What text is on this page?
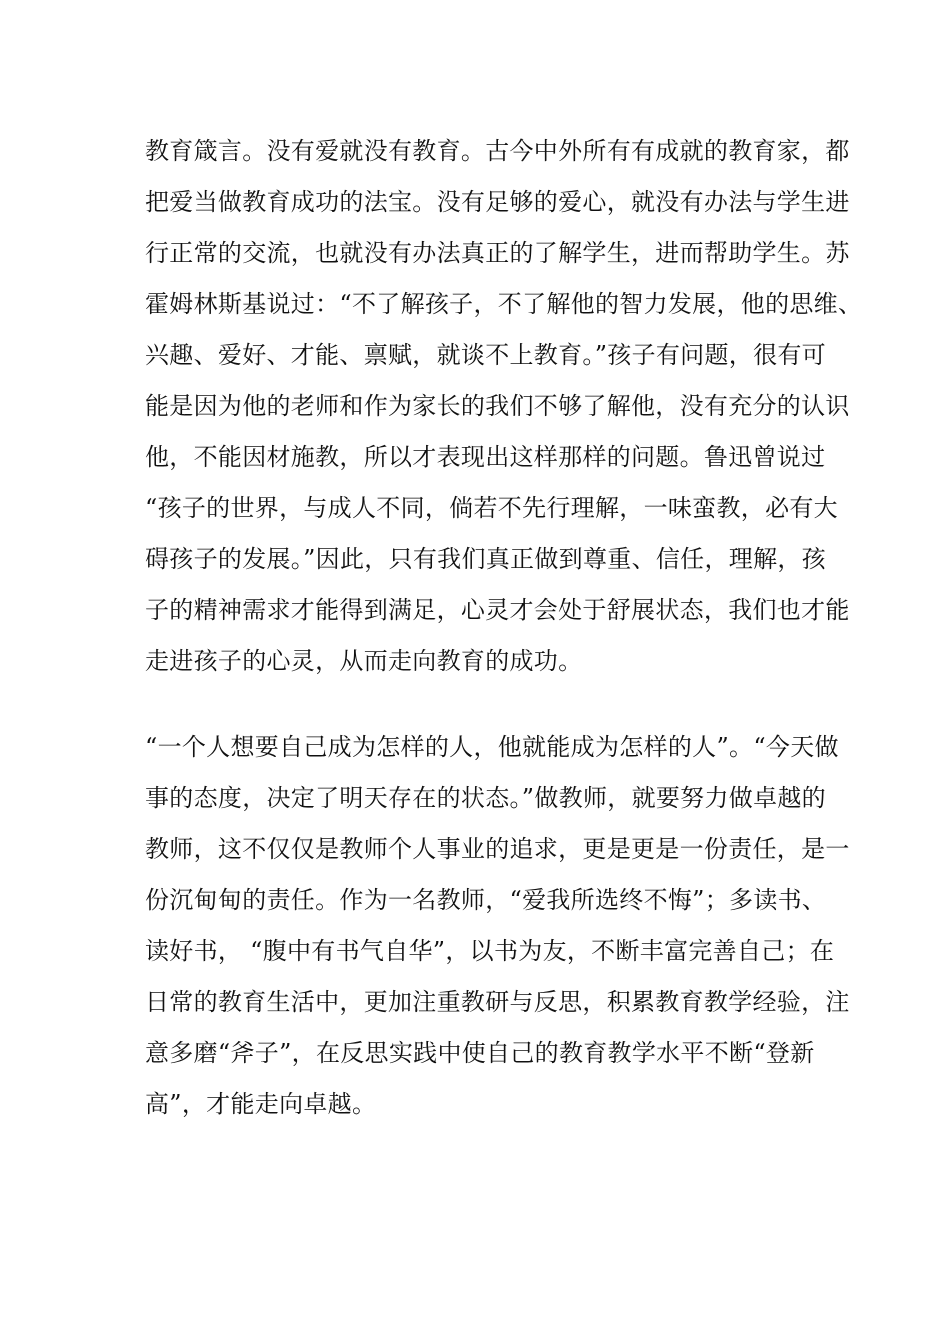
教育箴言。没有爱就没有教育。古今中外所有有成就的教育家，都
把爱当做教育成功的法宝。没有足够的爱心，就没有办法与学生进
行正常的交流，也就没有办法真正的了解学生，进而帮助学生。苏
霍姆林斯基说过：“不了解孩子，不了解他的智力发展，他的思维、
兴趣、爱好、才能、禀赋，就谈不上教育。”孩子有问题，很有可
能是因为他的老师和作为家长的我们不够了解他，没有充分的认识
他，不能因材施教，所以才表现出这样那样的问题。鲁迅曾说过
“孩子的世界，与成人不同，倘若不先行理解，一味蛮教，必有大
碍孩子的发展。”因此，只有我们真正做到尊重、信任，理解，孩
子的精神需求才能得到满足，心灵才会处于舒展状态，我们也才能
走进孩子的心灵，从而走向教育的成功。
“一个人想要自己成为怎样的人，他就能成为怎样的人”。“今天做
事的态度，决定了明天存在的状态。”做教师，就要努力做卓越的
教师，这不仅仅是教师个人事业的追求，更是更是一份责任，是一
份沉甸甸的责任。作为一名教师，“爱我所选终不悔”；多读书、
读好书， “腹中有书气自华”，以书为友，不断丰富完善自己；在
日常的教育生活中，更加注重教研与反思，积累教育教学经验，注
意多磨“斧子”，在反思实践中使自己的教育教学水平不断“登新
高”，才能走向卓越。
